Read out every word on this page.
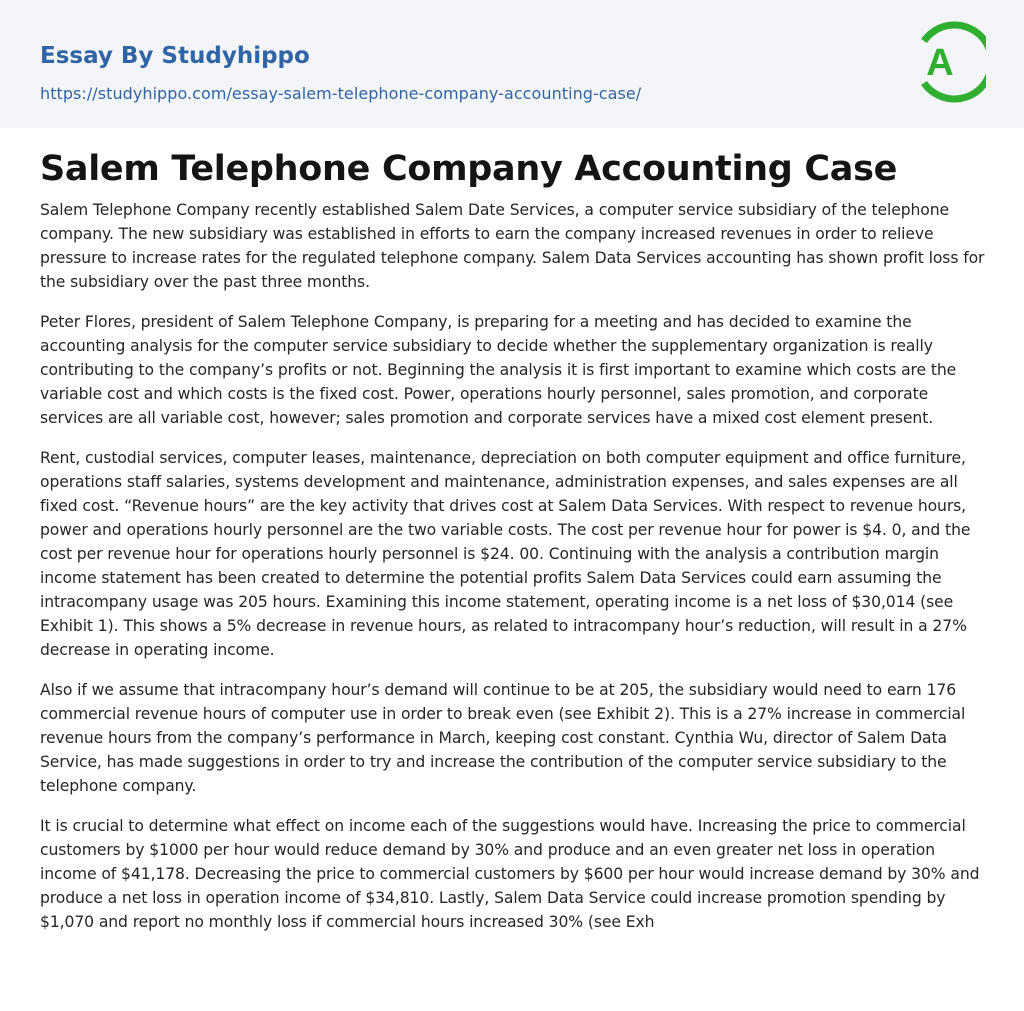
Essay By Studyhippo
https://studyhippo.com/essay-salem-telephone-company-accounting-case/
A
Salem Telephone Company Accounting Case

Salem Telephone Company recently established Salem Date Services, a computer service subsidiary of the telephone company. The new subsidiary was established in efforts to earn the company increased revenues in order to relieve pressure to increase rates for the regulated telephone company. Salem Data Services accounting has shown profit loss for the subsidiary over the past three months.

Peter Flores, president of Salem Telephone Company, is preparing for a meeting and has decided to examine the accounting analysis for the computer service subsidiary to decide whether the supplementary organization is really contributing to the company’s profits or not. Beginning the analysis it is first important to examine which costs are the variable cost and which costs is the fixed cost. Power, operations hourly personnel, sales promotion, and corporate services are all variable cost, however; sales promotion and corporate services have a mixed cost element present.

Rent, custodial services, computer leases, maintenance, depreciation on both computer equipment and office furniture, operations staff salaries, systems development and maintenance, administration expenses, and sales expenses are all fixed cost. “Revenue hours” are the key activity that drives cost at Salem Data Services. With respect to revenue hours, power and operations hourly personnel are the two variable costs. The cost per revenue hour for power is $4. 0, and the cost per revenue hour for operations hourly personnel is $24. 00. Continuing with the analysis a contribution margin income statement has been created to determine the potential profits Salem Data Services could earn assuming the intracompany usage was 205 hours. Examining this income statement, operating income is a net loss of $30,014 (see Exhibit 1). This shows a 5% decrease in revenue hours, as related to intracompany hour’s reduction, will result in a 27% decrease in operating income.

Also if we assume that intracompany hour’s demand will continue to be at 205, the subsidiary would need to earn 176 commercial revenue hours of computer use in order to break even (see Exhibit 2). This is a 27% increase in commercial revenue hours from the company’s performance in March, keeping cost constant. Cynthia Wu, director of Salem Data Service, has made suggestions in order to try and increase the contribution of the computer service subsidiary to the telephone company.

It is crucial to determine what effect on income each of the suggestions would have. Increasing the price to commercial customers by $1000 per hour would reduce demand by 30% and produce and an even greater net loss in operation income of $41,178. Decreasing the price to commercial customers by $600 per hour would increase demand by 30% and produce a net loss in operation income of $34,810. Lastly, Salem Data Service could increase promotion spending by $1,070 and report no monthly loss if commercial hours increased 30% (see Exh
